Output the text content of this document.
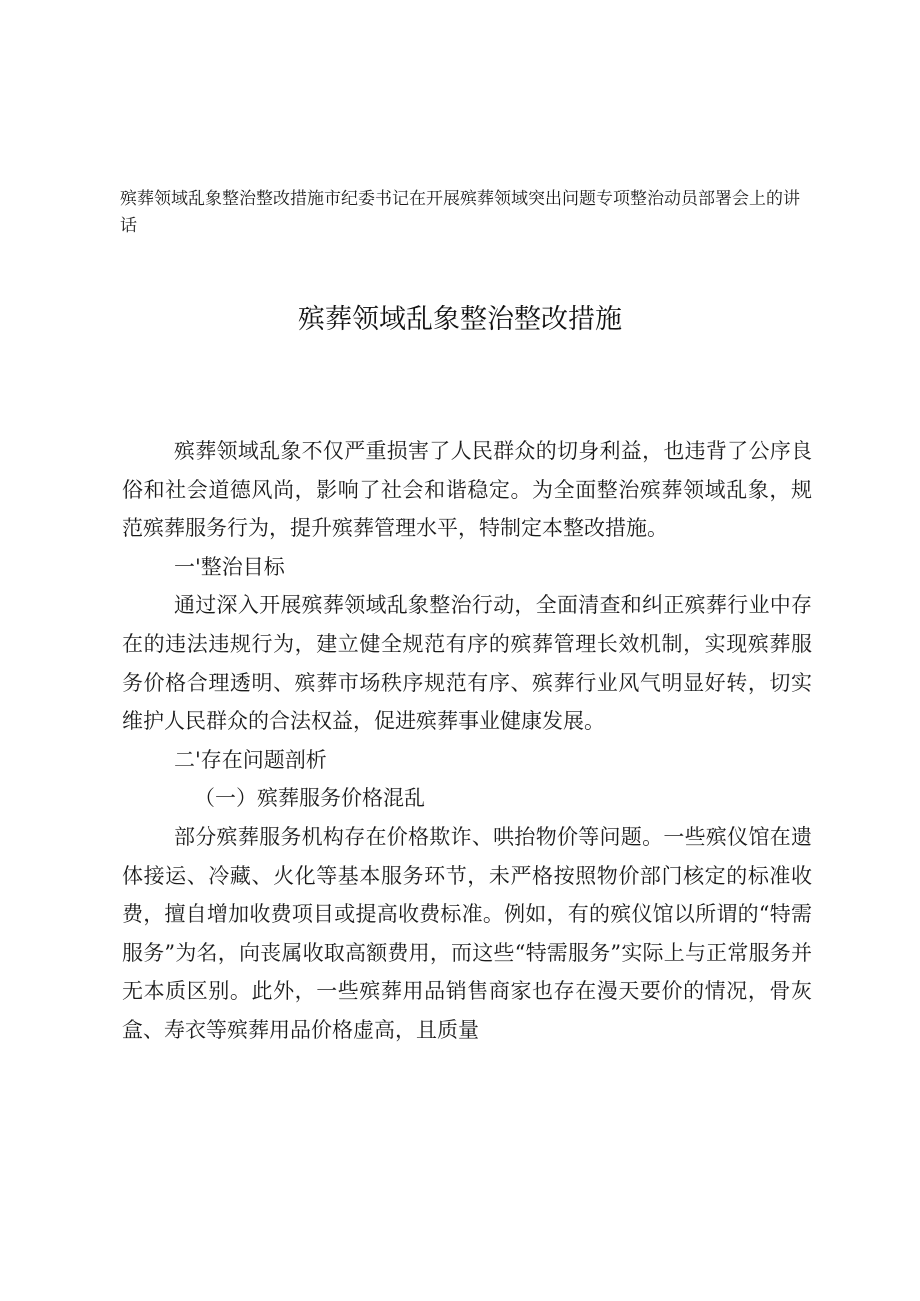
殡葬领域乱象整治整改措施市纪委书记在开展殡葬领域突出问题专项整治动员部署会上的讲话
殡葬领域乱象整治整改措施

殡葬领域乱象不仅严重损害了人民群众的切身利益，也违背了公序良俗和社会道德风尚，影响了社会和谐稳定。为全面整治殡葬领域乱象，规范殡葬服务行为，提升殡葬管理水平，特制定本整改措施。

一'整治目标

通过深入开展殡葬领域乱象整治行动，全面清查和纠正殡葬行业中存在的违法违规行为，建立健全规范有序的殡葬管理长效机制，实现殡葬服务价格合理透明、殡葬市场秩序规范有序、殡葬行业风气明显好转，切实维护人民群众的合法权益，促进殡葬事业健康发展。

二'存在问题剖析

（一）殡葬服务价格混乱

部分殡葬服务机构存在价格欺诈、哄抬物价等问题。一些殡仪馆在遗体接运、冷藏、火化等基本服务环节，未严格按照物价部门核定的标准收费，擅自增加收费项目或提高收费标准。例如，有的殡仪馆以所谓的“特需服务”为名，向丧属收取高额费用，而这些“特需服务”实际上与正常服务并无本质区别。此外，一些殡葬用品销售商家也存在漫天要价的情况，骨灰盒、寿衣等殡葬用品价格虚高，且质量
